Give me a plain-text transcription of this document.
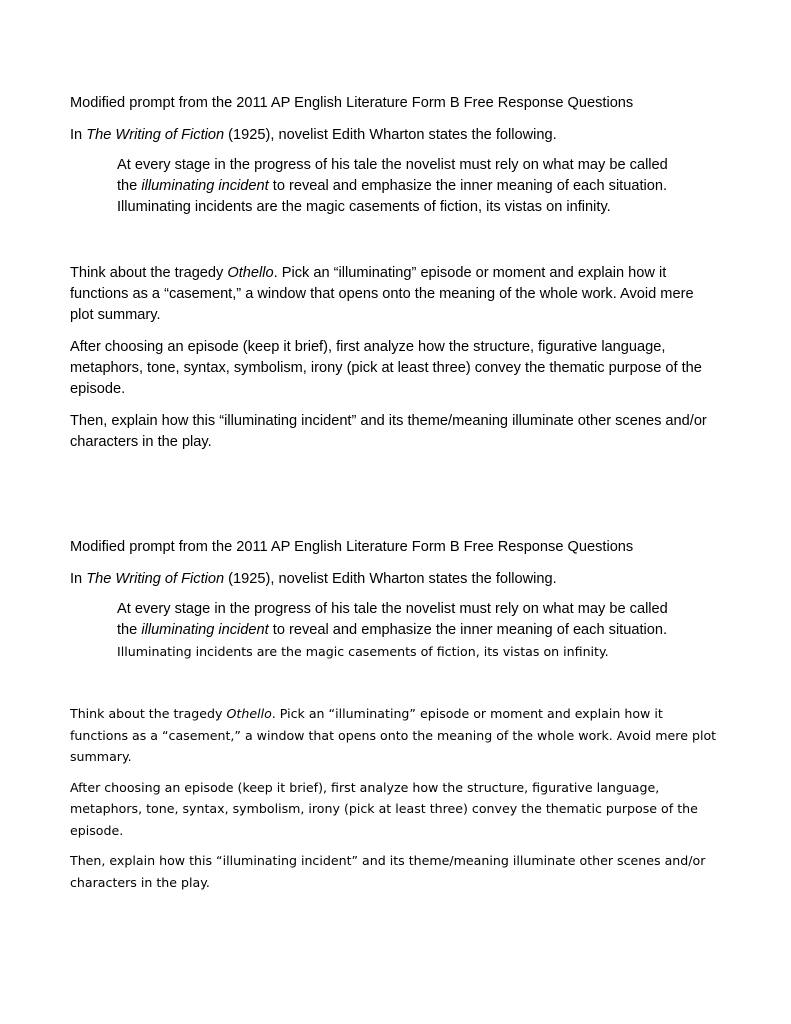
Modified prompt from the 2011 AP English Literature Form B Free Response Questions

In The Writing of Fiction (1925), novelist Edith Wharton states the following.

At every stage in the progress of his tale the novelist must rely on what may be called

the illuminating incident to reveal and emphasize the inner meaning of each situation.

Illuminating incidents are the magic casements of fiction, its vistas on infinity.

Think about the tragedy Othello. Pick an “illuminating” episode or moment and explain how it functions as a “casement,” a window that opens onto the meaning of the whole work. Avoid mere plot summary.

After choosing an episode (keep it brief), first analyze how the structure, figurative language, metaphors, tone, syntax, symbolism, irony (pick at least three) convey the thematic purpose of the episode.

Then, explain how this “illuminating incident” and its theme/meaning illuminate other scenes and/or characters in the play.

Modified prompt from the 2011 AP English Literature Form B Free Response Questions

In The Writing of Fiction (1925), novelist Edith Wharton states the following.

At every stage in the progress of his tale the novelist must rely on what may be called

the illuminating incident to reveal and emphasize the inner meaning of each situation.

Illuminating incidents are the magic casements of fiction, its vistas on infinity.

Think about the tragedy Othello. Pick an “illuminating” episode or moment and explain how it functions as a “casement,” a window that opens onto the meaning of the whole work. Avoid mere plot summary.

After choosing an episode (keep it brief), first analyze how the structure, figurative language, metaphors, tone, syntax, symbolism, irony (pick at least three) convey the thematic purpose of the episode.

Then, explain how this “illuminating incident” and its theme/meaning illuminate other scenes and/or characters in the play.
